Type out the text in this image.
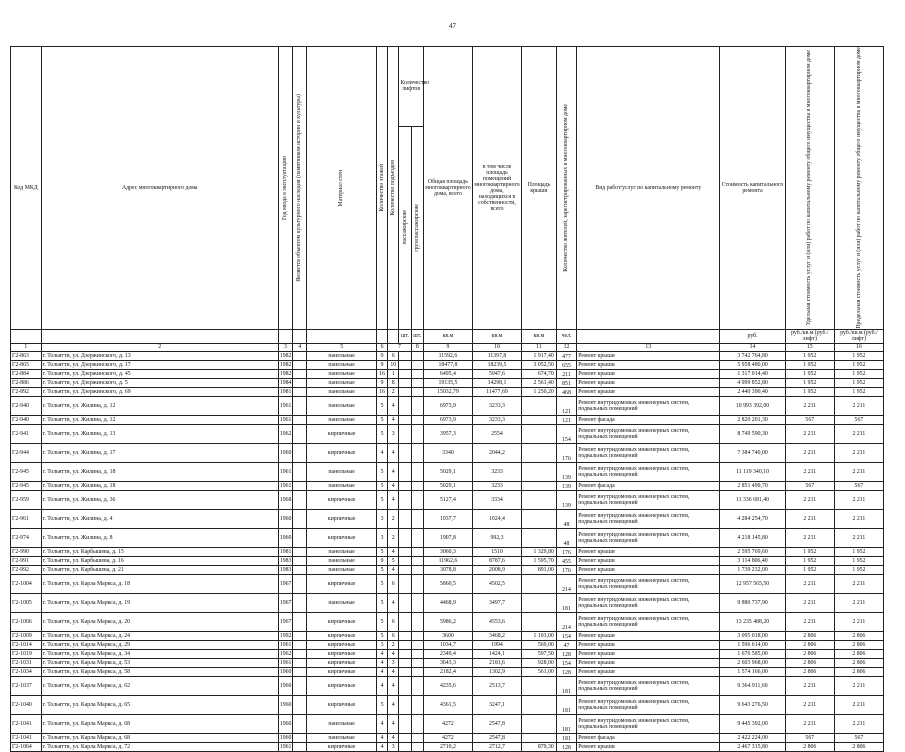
47
Код МКД	Адрес многоквартирного дома	Год ввода в эксплуатацию	Является объектом культурного наследия (памятником истории и культуры)	Материал стен	Количество этажей	Количество подъездов	Количество лифтов		Общая площадь многоквартирного дома, всего	в том числе площадь помещений многоквартирного дома, находящихся в собственности, всего	Площадь крыши	Количество жителей, зарегистрированных в многоквартирном доме	Вид работ/услуг по капитальному ремонту	Стоимость капитального ремонта	Удельная стоимость услуг и (или) работ по капитальному ремонту общего имущества в многоквартирном доме	Предельная стоимость услуг и (или) работ по капитальному ремонту общего имущества в многоквартирном доме

							пассажирские	грузопассажирские								

							шт.	шт.	кв.м	кв.м	кв.м	чел.		руб.	руб./кв.м (руб./лифт)	руб./кв.м (руб./лифт)
1	2	3	4	5	6	7		8	9	10	11	12	13	14	15	16
Г2-863	г. Тольятти, ул. Дзержинского, д. 13	1982		панельные	9	6			11592,6	11397,8	1 917,40	477	Ремонт крыши	3 742 764,80	1 952	1 952
Г2-865	г. Тольятти, ул. Дзержинского, д. 17	1982		панельные	9	10			18477,8	18239,5	3 052,50	655	Ремонт крыши	5 958 480,00	1 952	1 952
Г2-884	г. Тольятти, ул. Дзержинского, д. 45	1982		панельные	16	1			6495,4	5947,6	674,70	211	Ремонт крыши	1 317 014,40	1 952	1 952
Г2-886	г. Тольятти, ул. Дзержинского, д. 5	1984		панельные	9	8			19135,5	14298,1	2 561,40	851	Ремонт крыши	4 999 852,80	1 952	1 952
Г2-892	г. Тольятти, ул. Дзержинского, д. 69	1981		панельные	16	2			15032,79	11477,69	1 250,20	468	Ремонт крыши	2 440 390,40	1 952	1 952
Г2-940	г. Тольятти, ул. Жилина, д. 12	1961		панельные	5	4			6973,9	3233,3		121	Ремонт внутридомовых инженерных систем, подвальных помещений	10 993 392,00	2 211	2 211
Г2-940	г. Тольятти, ул. Жилина, д. 12	1961		панельные	5	4			6973,9	3233,3		121	Ремонт фасада	2 820 201,30	567	567
Г2-941	г. Тольятти, ул. Жилина, д. 13	1962		кирпичные	5	3			3957,3	2554		154	Ремонт внутридомовых инженерных систем, подвальных помещений	8 749 590,30	2 211	2 211
Г2-944	г. Тольятти, ул. Жилина, д. 17	1960		кирпичные	4	4			3340	2044,2		176	Ремонт внутридомовых инженерных систем, подвальных помещений	7 384 740,00	2 211	2 211
Г2-945	г. Тольятти, ул. Жилина, д. 18	1961		панельные	5	4			5029,1	3233		139	Ремонт внутридомовых инженерных систем, подвальных помещений	11 119 340,10	2 211	2 211
Г2-945	г. Тольятти, ул. Жилина, д. 18	1961		панельные	5	4			5029,1	3233		139	Ремонт фасада	2 851 499,70	567	567
Г2-959	г. Тольятти, ул. Жилина, д. 36	1968		кирпичные	5	4			5127,4	3334		139	Ремонт внутридомовых инженерных систем, подвальных помещений	11 336 681,40	2 211	2 211
Г2-961	г. Тольятти, ул. Жилина, д. 4	1960		кирпичные	3	2			1937,7	1024,4		48	Ремонт внутридомовых инженерных систем, подвальных помещений	4 284 254,70	2 211	2 211
Г2-974	г. Тольятти, ул. Жилина, д. 8	1960		кирпичные	3	2			1907,8	992,3		48	Ремонт внутридомовых инженерных систем, подвальных помещений	4 218 145,80	2 211	2 211
Г2-990	г. Тольятти, ул. Карбышева, д. 15	1981		панельные	5	4			3060,3	1510	1 329,80	176	Ремонт крыши	2 595 769,60	1 952	1 952
Г2-991	г. Тольятти, ул. Карбышева, д. 16	1983		панельные	9	5			11962,6	8787,6	1 595,70	455	Ремонт крыши	3 114 806,40	1 952	1 952
Г2-992	г. Тольятти, ул. Карбышева, д. 21	1983		панельные	5	4			3078,8	2008,9	891,00	176	Ремонт крыши	1 739 232,00	1 952	1 952
Г2-1004	г. Тольятти, ул. Карла Маркса, д. 18	1967		кирпичные	5	6			5860,5	4502,5		214	Ремонт внутридомовых инженерных систем, подвальных помещений	12 957 565,50	2 211	2 211
Г2-1005	г. Тольятти, ул. Карла Маркса, д. 19	1967		панельные	5	4			4468,9	3497,7		181	Ремонт внутридомовых инженерных систем, подвальных помещений	9 880 737,90	2 211	2 211
Г2-1006	г. Тольятти, ул. Карла Маркса, д. 20	1967		кирпичные	5	6			5986,2	4553,6		214	Ремонт внутридомовых инженерных систем, подвальных помещений	13 235 488,20	2 211	2 211
Г2-1009	г. Тольятти, ул. Карла Маркса, д. 24	1992		кирпичные	5	6			3600	3468,2	1 103,00	154	Ремонт крыши	3 095 018,00	2 806	2 806
Г2-1014	г. Тольятти, ул. Карла Маркса, д. 29	1961		кирпичные	3	2			1034,7	1994	569,00	47	Ремонт крыши	1 596 614,00	2 806	2 806
Г2-1019	г. Тольятти, ул. Карла Маркса, д. 34	1962		кирпичные	4	4			2349,4	1424,1	597,50	128	Ремонт крыши	1 676 585,00	2 806	2 806
Г2-1031	г. Тольятти, ул. Карла Маркса, д. 53	1961		кирпичные	4	3			3643,3	2181,6	928,00	154	Ремонт крыши	2 603 968,00	2 806	2 806
Г2-1034	г. Тольятти, ул. Карла Маркса, д. 58	1960		кирпичные	4	4			2182,4	1302,9	561,00	128	Ремонт крыши	1 574 166,00	2 806	2 806
Г2-1037	г. Тольятти, ул. Карла Маркса, д. 62	1960		кирпичные	4	4			4235,6	2513,7		181	Ремонт внутридомовых инженерных систем, подвальных помещений	9 364 911,60	2 211	2 211
Г2-1040	г. Тольятти, ул. Карла Маркса, д. 65	1960		кирпичные	5	4			4361,5	3247,1		181	Ремонт внутридомовых инженерных систем, подвальных помещений	9 643 276,50	2 211	2 211
Г2-1041	г. Тольятти, ул. Карла Маркса, д. 68	1960		панельные	4	4			4272	2547,8		181	Ремонт внутридомовых инженерных систем, подвальных помещений	9 445 392,00	2 211	2 211
Г2-1041	г. Тольятти, ул. Карла Маркса, д. 68	1960		панельные	4	4			4272	2547,8		181	Ремонт фасада	2 422 224,00	567	567
Г2-1064	г. Тольятти, ул. Карла Маркса, д. 72	1961		кирпичные	4	3			2710,2	2712,7	879,30	128	Ремонт крыши	2 467 315,80	2 806	2 806
